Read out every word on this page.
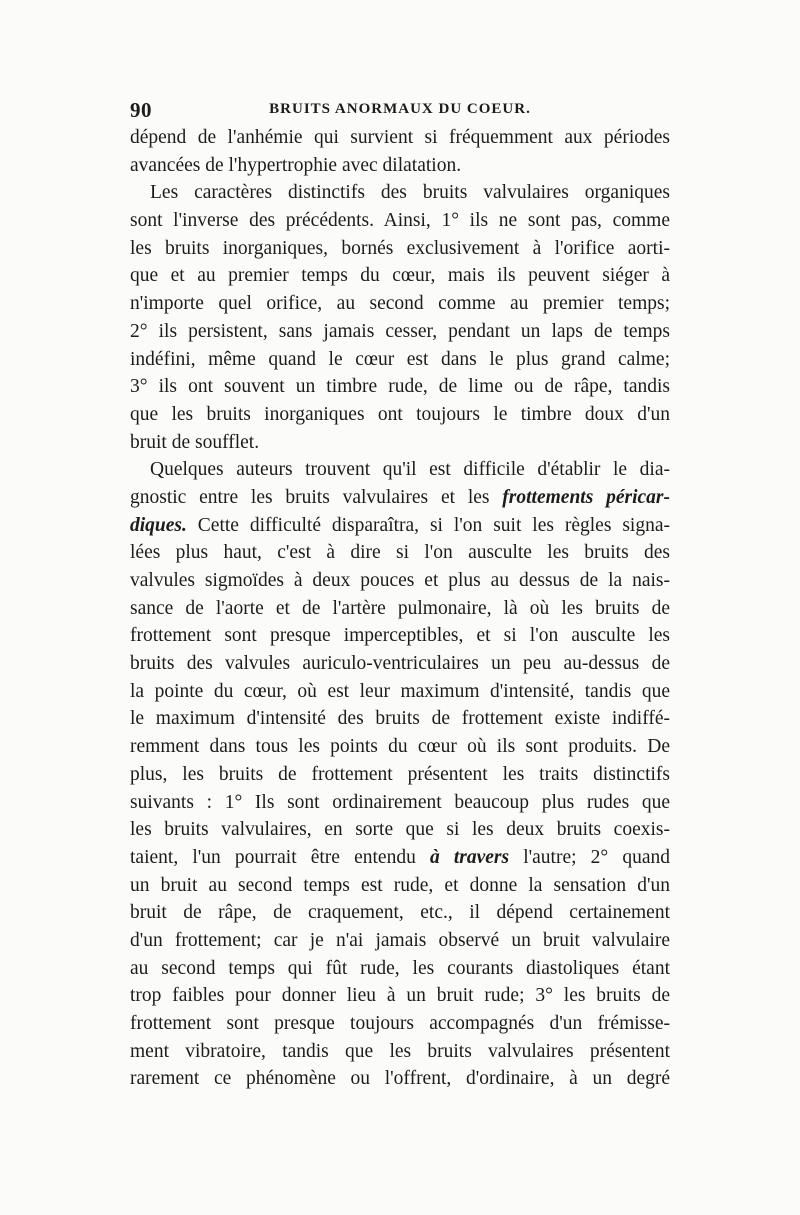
90	BRUITS ANORMAUX DU COEUR.
dépend de l'anhémie qui survient si fréquemment aux périodes
avancées de l'hypertrophie avec dilatation.
Les caractères distinctifs des bruits valvulaires organiques
sont l'inverse des précédents. Ainsi, 1° ils ne sont pas, comme
les bruits inorganiques, bornés exclusivement à l'orifice aorti-
que et au premier temps du cœur, mais ils peuvent siéger à
n'importe quel orifice, au second comme au premier temps;
2° ils persistent, sans jamais cesser, pendant un laps de temps
indéfini, même quand le cœur est dans le plus grand calme;
3° ils ont souvent un timbre rude, de lime ou de râpe, tandis
que les bruits inorganiques ont toujours le timbre doux d'un
bruit de soufflet.
Quelques auteurs trouvent qu'il est difficile d'établir le dia-
gnostic entre les bruits valvulaires et les frottements péricar-
diques. Cette difficulté disparaîtra, si l'on suit les règles signa-
lées plus haut, c'est à dire si l'on ausculte les bruits des
valvules sigmoïdes à deux pouces et plus au dessus de la nais-
sance de l'aorte et de l'artère pulmonaire, là où les bruits de
frottement sont presque imperceptibles, et si l'on ausculte les
bruits des valvules auriculo-ventriculaires un peu au-dessus de
la pointe du cœur, où est leur maximum d'intensité, tandis que
le maximum d'intensité des bruits de frottement existe indiffé-
remment dans tous les points du cœur où ils sont produits. De
plus, les bruits de frottement présentent les traits distinctifs
suivants : 1° Ils sont ordinairement beaucoup plus rudes que
les bruits valvulaires, en sorte que si les deux bruits coexis-
taient, l'un pourrait être entendu à travers l'autre; 2° quand
un bruit au second temps est rude, et donne la sensation d'un
bruit de râpe, de craquement, etc., il dépend certainement
d'un frottement; car je n'ai jamais observé un bruit valvulaire
au second temps qui fût rude, les courants diastoliques étant
trop faibles pour donner lieu à un bruit rude; 3° les bruits de
frottement sont presque toujours accompagnés d'un frémisse-
ment vibratoire, tandis que les bruits valvulaires présentent
rarement ce phénomène ou l'offrent, d'ordinaire, à un degré
